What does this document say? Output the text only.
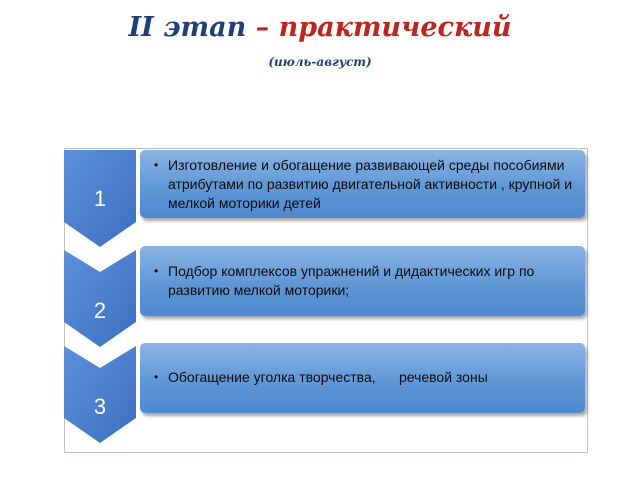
II этап – практический
(июль-август)
1
• Изготовление и обогащение развивающей среды пособиями атрибутами по развитию двигательной активности , крупной и мелкой моторики детей
2
• Подбор комплексов упражнений и дидактических игр по развитию мелкой моторики;
3
• Обогащение уголка творчества,      речевой зоны
